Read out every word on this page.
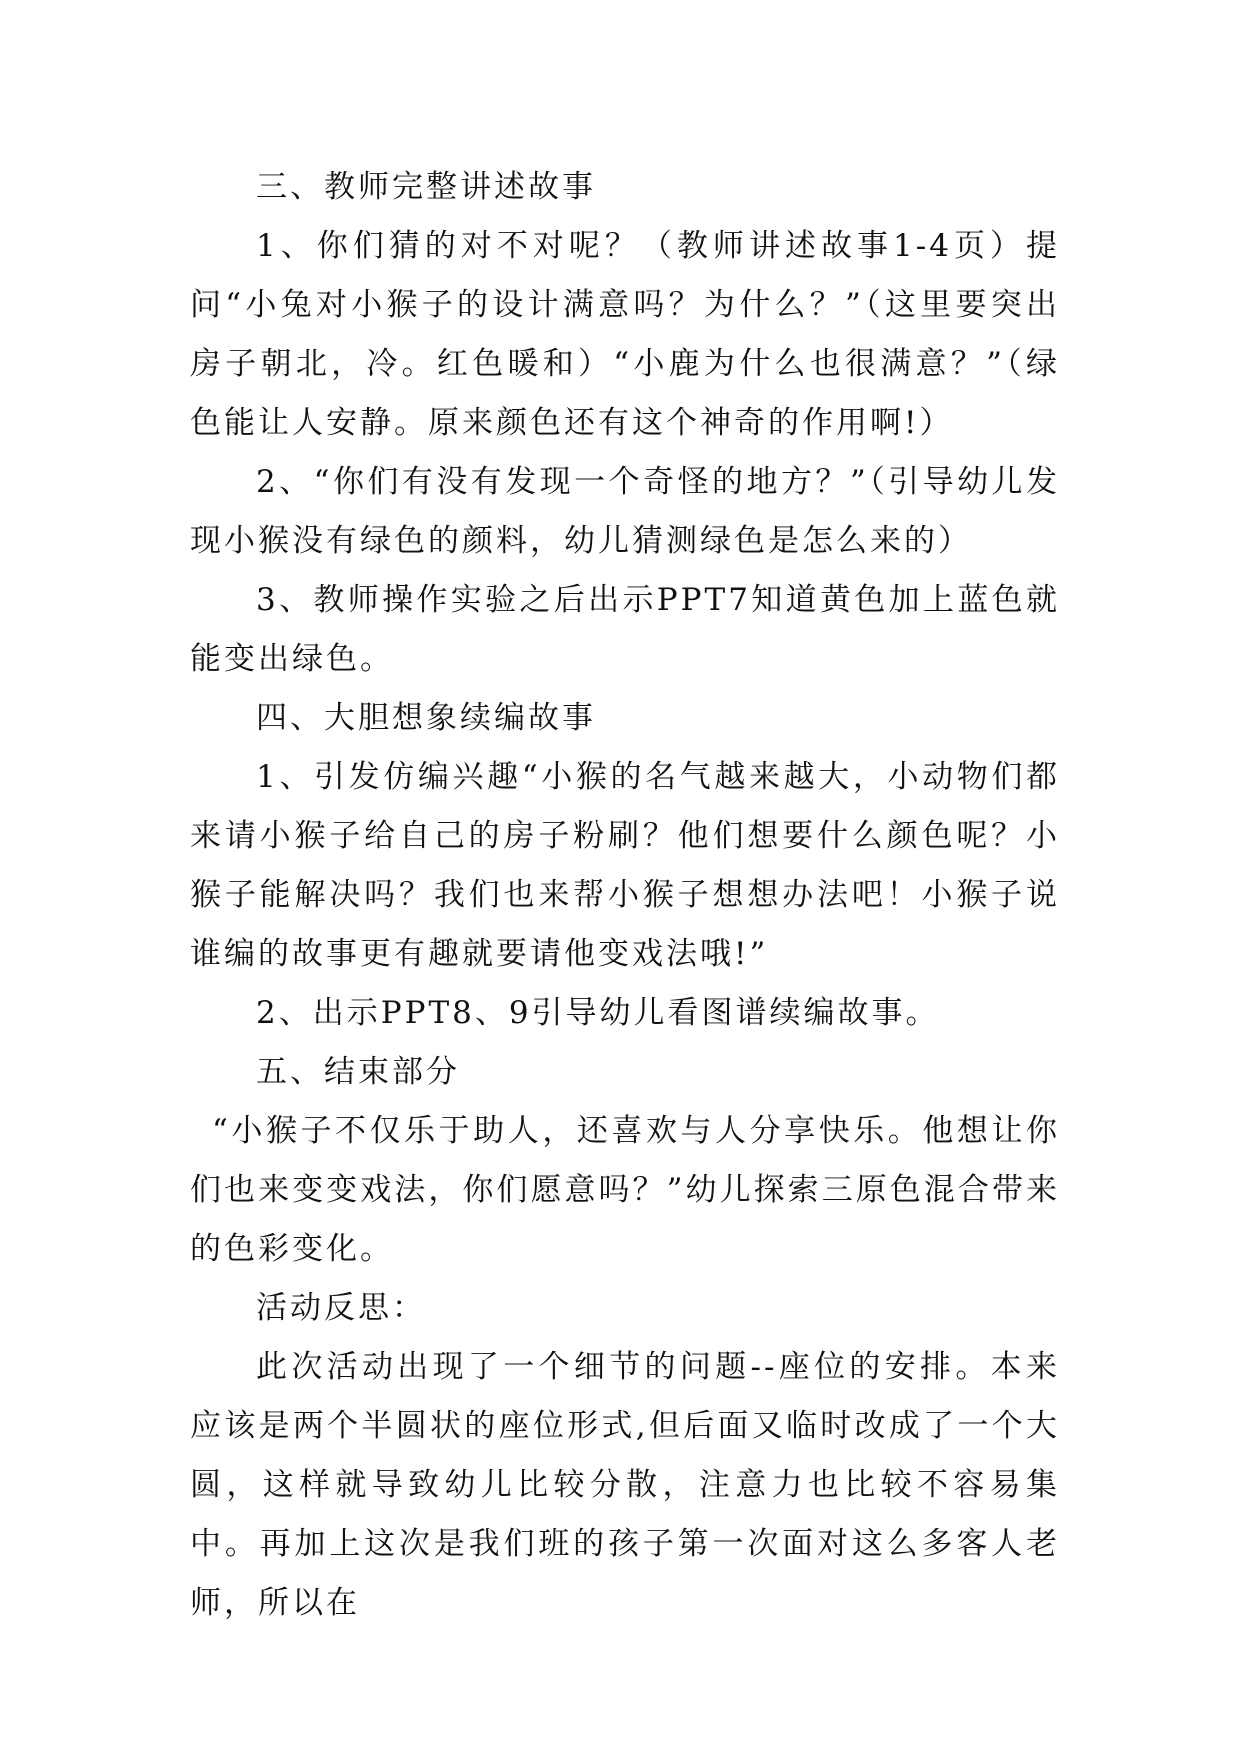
三、教师完整讲述故事

1、你们猜的对不对呢？（教师讲述故事1-4页）提问“小兔对小猴子的设计满意吗？为什么？”（这里要突出房子朝北，冷。红色暖和）“小鹿为什么也很满意？”（绿色能让人安静。原来颜色还有这个神奇的作用啊!）

2、“你们有没有发现一个奇怪的地方？”（引导幼儿发现小猴没有绿色的颜料，幼儿猜测绿色是怎么来的）

3、教师操作实验之后出示PPT7知道黄色加上蓝色就能变出绿色。

四、大胆想象续编故事

1、引发仿编兴趣“小猴的名气越来越大，小动物们都来请小猴子给自己的房子粉刷？他们想要什么颜色呢？小猴子能解决吗？我们也来帮小猴子想想办法吧！小猴子说谁编的故事更有趣就要请他变戏法哦!”

2、出示PPT8、9引导幼儿看图谱续编故事。

五、结束部分

“小猴子不仅乐于助人，还喜欢与人分享快乐。他想让你们也来变变戏法，你们愿意吗？”幼儿探索三原色混合带来的色彩变化。

活动反思：

此次活动出现了一个细节的问题--座位的安排。本来应该是两个半圆状的座位形式,但后面又临时改成了一个大圆，这样就导致幼儿比较分散，注意力也比较不容易集中。再加上这次是我们班的孩子第一次面对这么多客人老师，所以在
